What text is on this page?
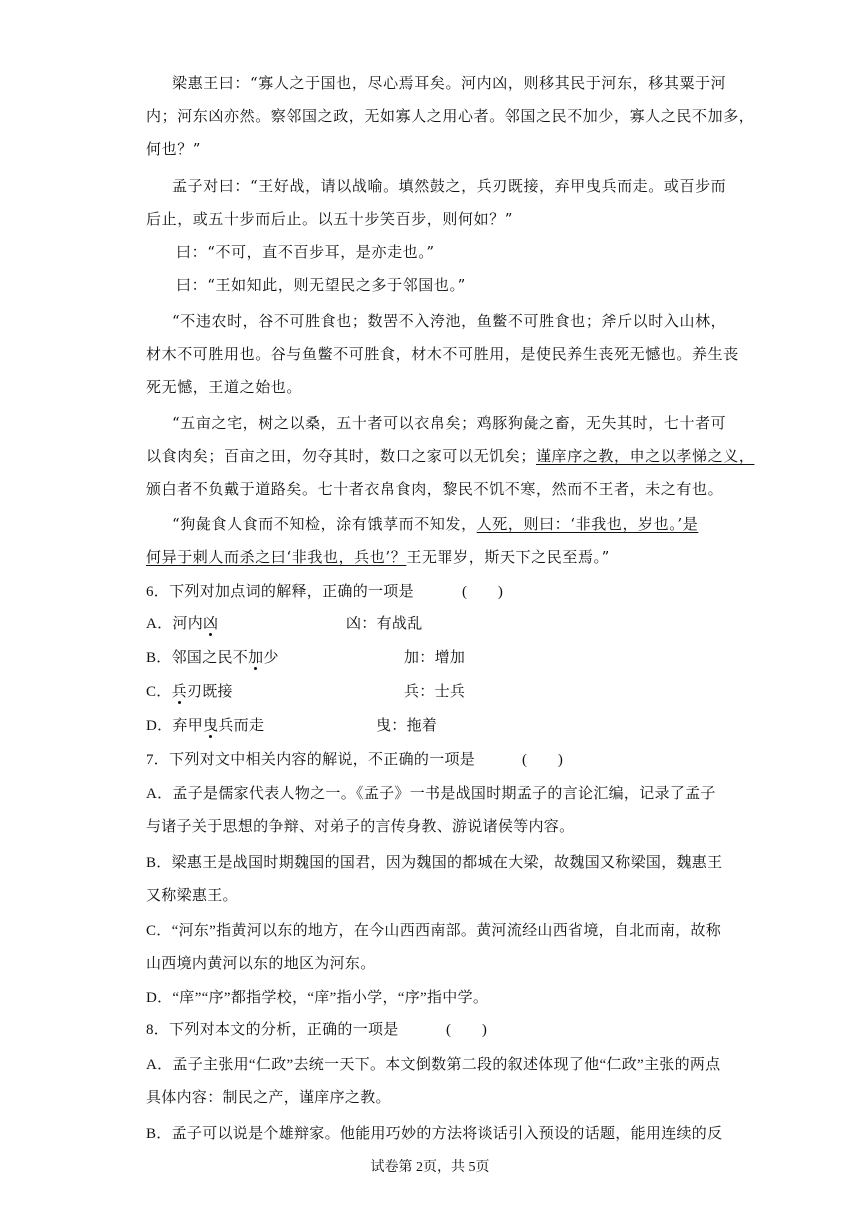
梁惠王曰：“寡人之于国也，尽心焉耳矣。河内凶，则移其民于河东，移其粟于河
内；河东凶亦然。察邻国之政，无如寡人之用心者。邻国之民不加少，寡人之民不加多，
何也？”
孟子对曰：“王好战，请以战喻。填然鼓之，兵刃既接，弃甲曳兵而走。或百步而
后止，或五十步而后止。以五十步笑百步，则何如？”
曰：“不可，直不百步耳，是亦走也。”
曰：“王如知此，则无望民之多于邻国也。”
“不违农时，谷不可胜食也；数罟不入洿池，鱼鳖不可胜食也；斧斤以时入山林，
材木不可胜用也。谷与鱼鳖不可胜食，材木不可胜用，是使民养生丧死无憾也。养生丧
死无憾，王道之始也。
“五亩之宅，树之以桑，五十者可以衣帛矣；鸡豚狗彘之畜，无失其时，七十者可
以食肉矣；百亩之田，勿夺其时，数口之家可以无饥矣；谨庠序之教，申之以孝悌之义，
颁白者不负戴于道路矣。七十者衣帛食肉，黎民不饥不寒，然而不王者，未之有也。
“狗彘食人食而不知检，涂有饿莩而不知发，人死，则曰：‘非我也，岁也。’是
何异于刺人而杀之曰‘非我也，兵也’？王无罪岁，斯天下之民至焉。”
6．下列对加点词的解释，正确的一项是	(　　)
A．河内凶	凶：有战乱
B．邻国之民不加少	加：增加
C．兵刃既接	兵：士兵
D．弃甲曳兵而走	曳：拖着
7．下列对文中相关内容的解说，不正确的一项是	(　　)
A．孟子是儒家代表人物之一。《孟子》一书是战国时期孟子的言论汇编，记录了孟子
与诸子关于思想的争辩、对弟子的言传身教、游说诸侯等内容。
B．梁惠王是战国时期魏国的国君，因为魏国的都城在大梁，故魏国又称梁国，魏惠王
又称梁惠王。
C．“河东”指黄河以东的地方，在今山西西南部。黄河流经山西省境，自北而南，故称
山西境内黄河以东的地区为河东。
D．“庠”“序”都指学校，“庠”指小学，“序”指中学。
8．下列对本文的分析，正确的一项是	(　　)
A．孟子主张用“仁政”去统一天下。本文倒数第二段的叙述体现了他“仁政”主张的两点
具体内容：制民之产，谨庠序之教。
B．孟子可以说是个雄辩家。他能用巧妙的方法将谈话引入预设的话题，能用连续的反
试卷第 2页，共 5页
